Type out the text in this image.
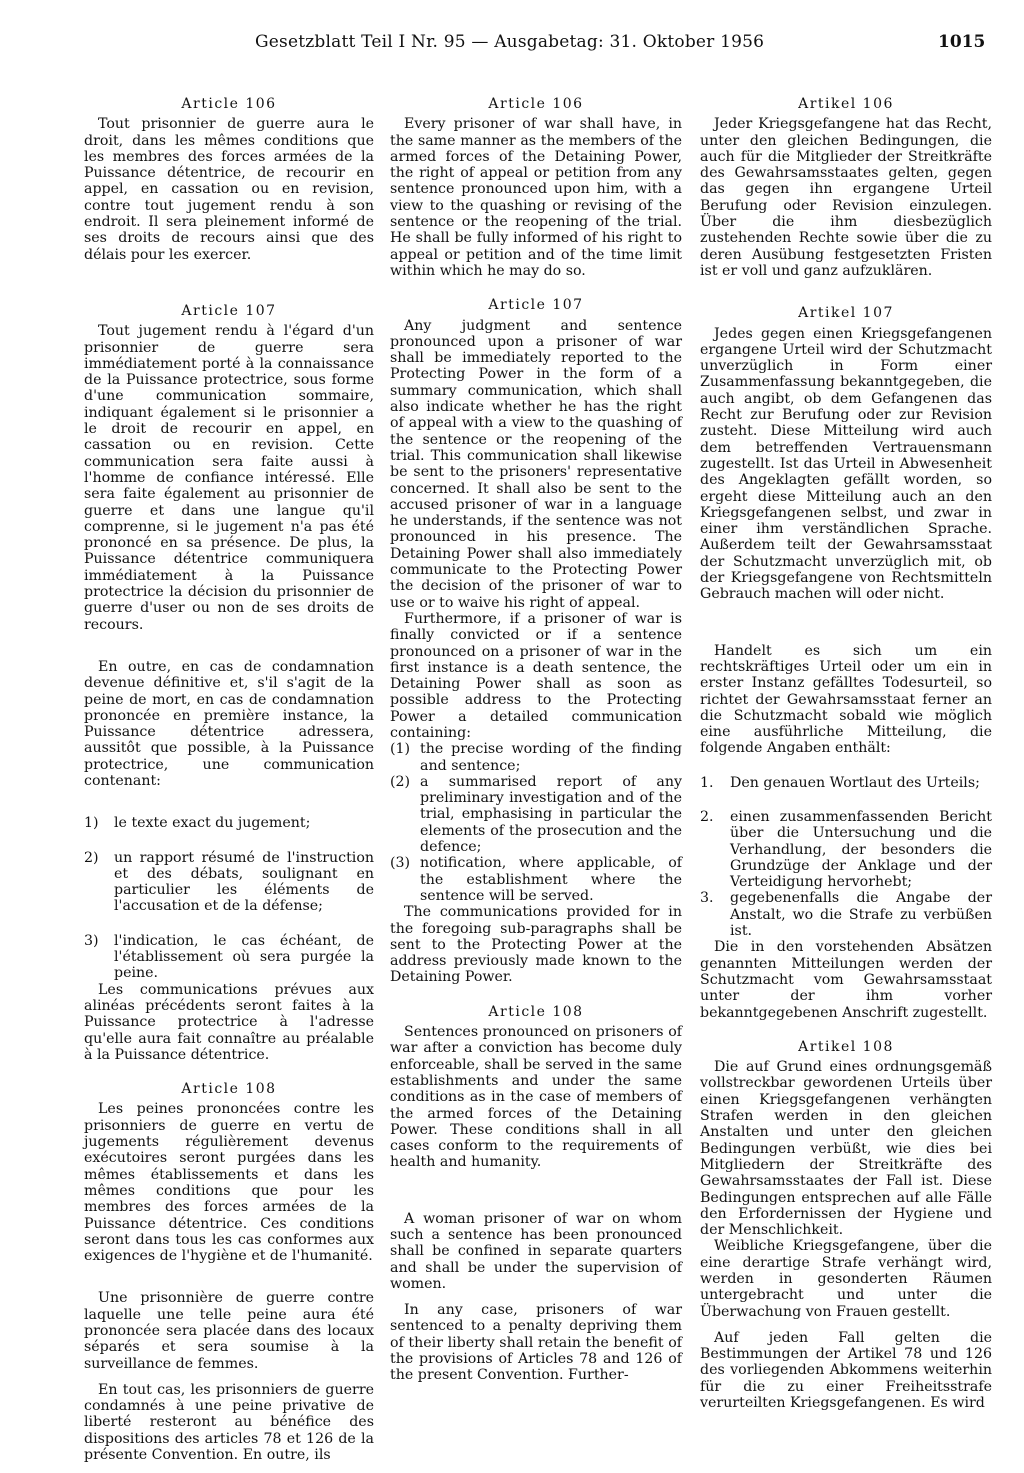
Gesetzblatt Teil I Nr. 95 — Ausgabetag: 31. Oktober 1956	1015
Article 106

Tout prisonnier de guerre aura le droit, dans les mêmes conditions que les membres des forces armées de la Puissance détentrice, de recourir en appel, en cassation ou en revision, contre tout jugement rendu à son endroit. Il sera pleinement informé de ses droits de recours ainsi que des délais pour les exercer.

Article 107

Tout jugement rendu à l'égard d'un prisonnier de guerre sera immédiatement porté à la connaissance de la Puissance protectrice, sous forme d'une communication sommaire, indiquant également si le prisonnier a le droit de recourir en appel, en cassation ou en revision. Cette communication sera faite aussi à l'homme de confiance intéressé. Elle sera faite également au prisonnier de guerre et dans une langue qu'il comprenne, si le jugement n'a pas été prononcé en sa présence. De plus, la Puissance détentrice communiquera immédiatement à la Puissance protectrice la décision du prisonnier de guerre d'user ou non de ses droits de recours.

En outre, en cas de condamnation devenue définitive et, s'il s'agit de la peine de mort, en cas de condamnation prononcée en première instance, la Puissance détentrice adressera, aussitôt que possible, à la Puissance protectrice, une communication contenant:

1)	le texte exact du jugement;
2)	un rapport résumé de l'instruction et des débats, soulignant en particulier les éléments de l'accusation et de la défense;
3)	l'indication, le cas échéant, de l'établissement où sera purgée la peine.

Les communications prévues aux alinéas précédents seront faites à la Puissance protectrice à l'adresse qu'elle aura fait connaître au préalable à la Puissance détentrice.

Article 108

Les peines prononcées contre les prisonniers de guerre en vertu de jugements régulièrement devenus exécutoires seront purgées dans les mêmes établissements et dans les mêmes conditions que pour les membres des forces armées de la Puissance détentrice. Ces conditions seront dans tous les cas conformes aux exigences de l'hygiène et de l'humanité.

Une prisonnière de guerre contre laquelle une telle peine aura été prononcée sera placée dans des locaux séparés et sera soumise à la surveillance de femmes.

En tout cas, les prisonniers de guerre condamnés à une peine privative de liberté resteront au bénéfice des dispositions des articles 78 et 126 de la présente Convention. En outre, ils

Article 106

Every prisoner of war shall have, in the same manner as the members of the armed forces of the Detaining Power, the right of appeal or petition from any sentence pronounced upon him, with a view to the quashing or revising of the sentence or the reopening of the trial. He shall be fully informed of his right to appeal or petition and of the time limit within which he may do so.

Article 107

Any judgment and sentence pronounced upon a prisoner of war shall be immediately reported to the Protecting Power in the form of a summary communication, which shall also indicate whether he has the right of appeal with a view to the quashing of the sentence or the reopening of the trial. This communication shall likewise be sent to the prisoners' representative concerned. It shall also be sent to the accused prisoner of war in a language he understands, if the sentence was not pronounced in his presence. The Detaining Power shall also immediately communicate to the Protecting Power the decision of the prisoner of war to use or to waive his right of appeal.

Furthermore, if a prisoner of war is finally convicted or if a sentence pronounced on a prisoner of war in the first instance is a death sentence, the Detaining Power shall as soon as possible address to the Protecting Power a detailed communication containing:

(1) the precise wording of the finding and sentence;
(2) a summarised report of any preliminary investigation and of the trial, emphasising in particular the elements of the prosecution and the defence;
(3) notification, where applicable, of the establishment where the sentence will be served.

The communications provided for in the foregoing sub-paragraphs shall be sent to the Protecting Power at the address previously made known to the Detaining Power.

Article 108

Sentences pronounced on prisoners of war after a conviction has become duly enforceable, shall be served in the same establishments and under the same conditions as in the case of members of the armed forces of the Detaining Power. These conditions shall in all cases conform to the requirements of health and humanity.

A woman prisoner of war on whom such a sentence has been pronounced shall be confined in separate quarters and shall be under the supervision of women.

In any case, prisoners of war sentenced to a penalty depriving them of their liberty shall retain the benefit of the provisions of Articles 78 and 126 of the present Convention. Further-

Artikel 106

Jeder Kriegsgefangene hat das Recht, unter den gleichen Bedingungen, die auch für die Mitglieder der Streitkräfte des Gewahrsamsstaates gelten, gegen das gegen ihn ergangene Urteil Berufung oder Revision einzulegen. Über die ihm diesbezüglich zustehenden Rechte sowie über die zu deren Ausübung festgesetzten Fristen ist er voll und ganz aufzuklären.

Artikel 107

Jedes gegen einen Kriegsgefangenen ergangene Urteil wird der Schutzmacht unverzüglich in Form einer Zusammenfassung bekanntgegeben, die auch angibt, ob dem Gefangenen das Recht zur Berufung oder zur Revision zusteht. Diese Mitteilung wird auch dem betreffenden Vertrauensmann zugestellt. Ist das Urteil in Abwesenheit des Angeklagten gefällt worden, so ergeht diese Mitteilung auch an den Kriegsgefangenen selbst, und zwar in einer ihm verständlichen Sprache. Außerdem teilt der Gewahrsamsstaat der Schutzmacht unverzüglich mit, ob der Kriegsgefangene von Rechtsmitteln Gebrauch machen will oder nicht.

Handelt es sich um ein rechtskräftiges Urteil oder um ein in erster Instanz gefälltes Todesurteil, so richtet der Gewahrsamsstaat ferner an die Schutzmacht sobald wie möglich eine ausführliche Mitteilung, die folgende Angaben enthält:

1.	Den genauen Wortlaut des Urteils;
2.	einen zusammenfassenden Bericht über die Untersuchung und die Verhandlung, der besonders die Grundzüge der Anklage und der Verteidigung hervorhebt;
3.	gegebenenfalls die Angabe der Anstalt, wo die Strafe zu verbüßen ist.

Die in den vorstehenden Absätzen genannten Mitteilungen werden der Schutzmacht vom Gewahrsamsstaat unter der ihm vorher bekanntgegebenen Anschrift zugestellt.

Artikel 108

Die auf Grund eines ordnungsgemäß vollstreckbar gewordenen Urteils über einen Kriegsgefangenen verhängten Strafen werden in den gleichen Anstalten und unter den gleichen Bedingungen verbüßt, wie dies bei Mitgliedern der Streitkräfte des Gewahrsamsstaates der Fall ist. Diese Bedingungen entsprechen auf alle Fälle den Erfordernissen der Hygiene und der Menschlichkeit.

Weibliche Kriegsgefangene, über die eine derartige Strafe verhängt wird, werden in gesonderten Räumen untergebracht und unter die Überwachung von Frauen gestellt.

Auf jeden Fall gelten die Bestimmungen der Artikel 78 und 126 des vorliegenden Abkommens weiterhin für die zu einer Freiheitsstrafe verurteilten Kriegsgefangenen. Es wird
